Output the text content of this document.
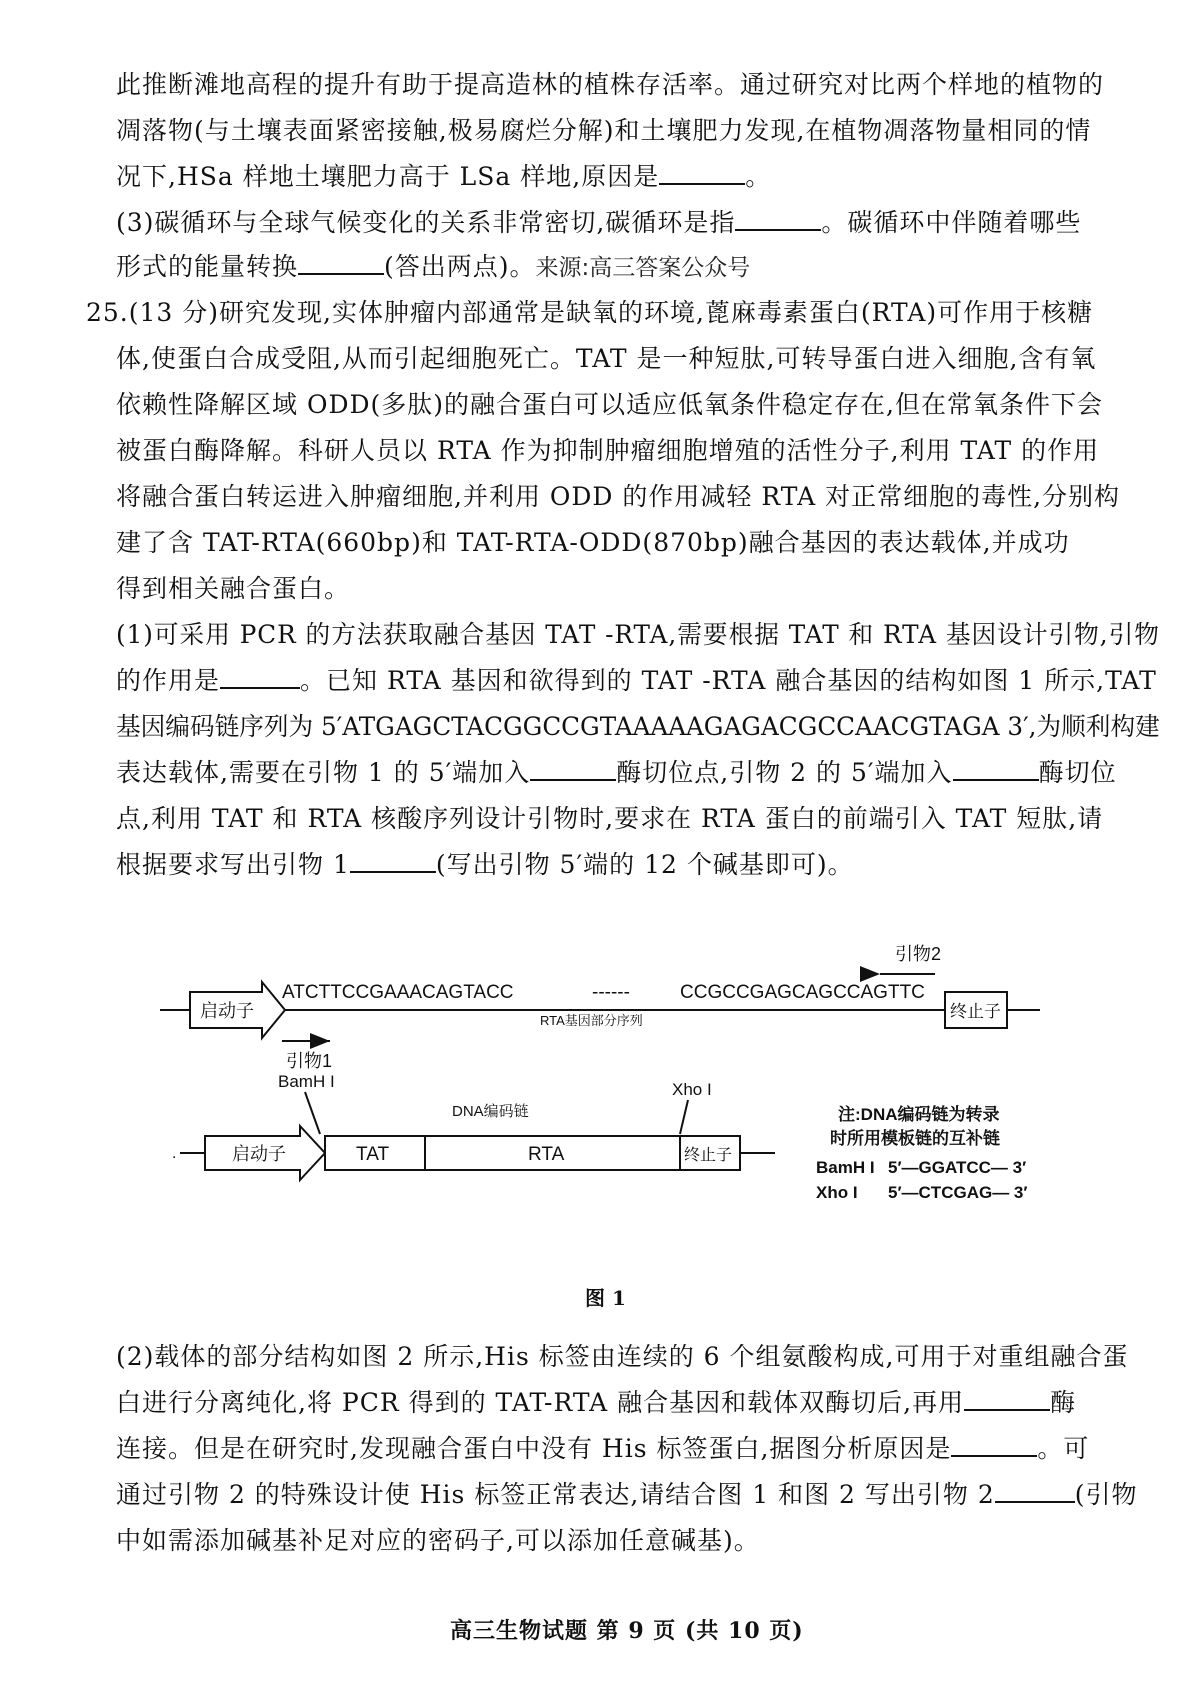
此推断滩地高程的提升有助于提高造林的植株存活率。通过研究对比两个样地的植物的
凋落物(与土壤表面紧密接触,极易腐烂分解)和土壤肥力发现,在植物凋落物量相同的情
况下,HSa 样地土壤肥力高于 LSa 样地,原因是	。
(3)碳循环与全球气候变化的关系非常密切,碳循环是指	。碳循环中伴随着哪些
形式的能量转换	(答出两点)。来源:高三答案公众号
25.(13 分)研究发现,实体肿瘤内部通常是缺氧的环境,蓖麻毒素蛋白(RTA)可作用于核糖
体,使蛋白合成受阻,从而引起细胞死亡。TAT 是一种短肽,可转导蛋白进入细胞,含有氧
依赖性降解区域 ODD(多肽)的融合蛋白可以适应低氧条件稳定存在,但在常氧条件下会
被蛋白酶降解。科研人员以 RTA 作为抑制肿瘤细胞增殖的活性分子,利用 TAT 的作用
将融合蛋白转运进入肿瘤细胞,并利用 ODD 的作用减轻 RTA 对正常细胞的毒性,分别构
建了含 TAT-RTA(660bp)和 TAT-RTA-ODD(870bp)融合基因的表达载体,并成功
得到相关融合蛋白。
(1)可采用 PCR 的方法获取融合基因 TAT -RTA,需要根据 TAT 和 RTA 基因设计引物,引物
的作用是	。已知 RTA 基因和欲得到的 TAT -RTA 融合基因的结构如图 1 所示,TAT
基因编码链序列为 5′ATGAGCTACGGCCGTAAAAAGAGACGCCAACGTAGA 3′,为顺利构建
表达载体,需要在引物 1 的 5′端加入	酶切位点,引物 2 的 5′端加入	酶切位
点,利用 TAT 和 RTA 核酸序列设计引物时,要求在 RTA 蛋白的前端引入 TAT 短肽,请
根据要求写出引物 1	(写出引物 5′端的 12 个碱基即可)。
启动子	终止子
ATCTTCCGAAACAGTACC	------	CCGCCGAGCAGCCAGTTC
RTA基因部分序列
引物2
引物1
BamH I
DNA编码链
Xho I
.	启动子	TAT	RTA	终止子
注:DNA编码链为转录
时所用模板链的互补链
BamH I 5′—GGATCC— 3′
Xho I 5′—CTCGAG— 3′
图 1
(2)载体的部分结构如图 2 所示,His 标签由连续的 6 个组氨酸构成,可用于对重组融合蛋
白进行分离纯化,将 PCR 得到的 TAT-RTA 融合基因和载体双酶切后,再用	酶
连接。但是在研究时,发现融合蛋白中没有 His 标签蛋白,据图分析原因是	。可
通过引物 2 的特殊设计使 His 标签正常表达,请结合图 1 和图 2 写出引物 2	(引物
中如需添加碱基补足对应的密码子,可以添加任意碱基)。
高三生物试题 第 9 页 (共 10 页)
